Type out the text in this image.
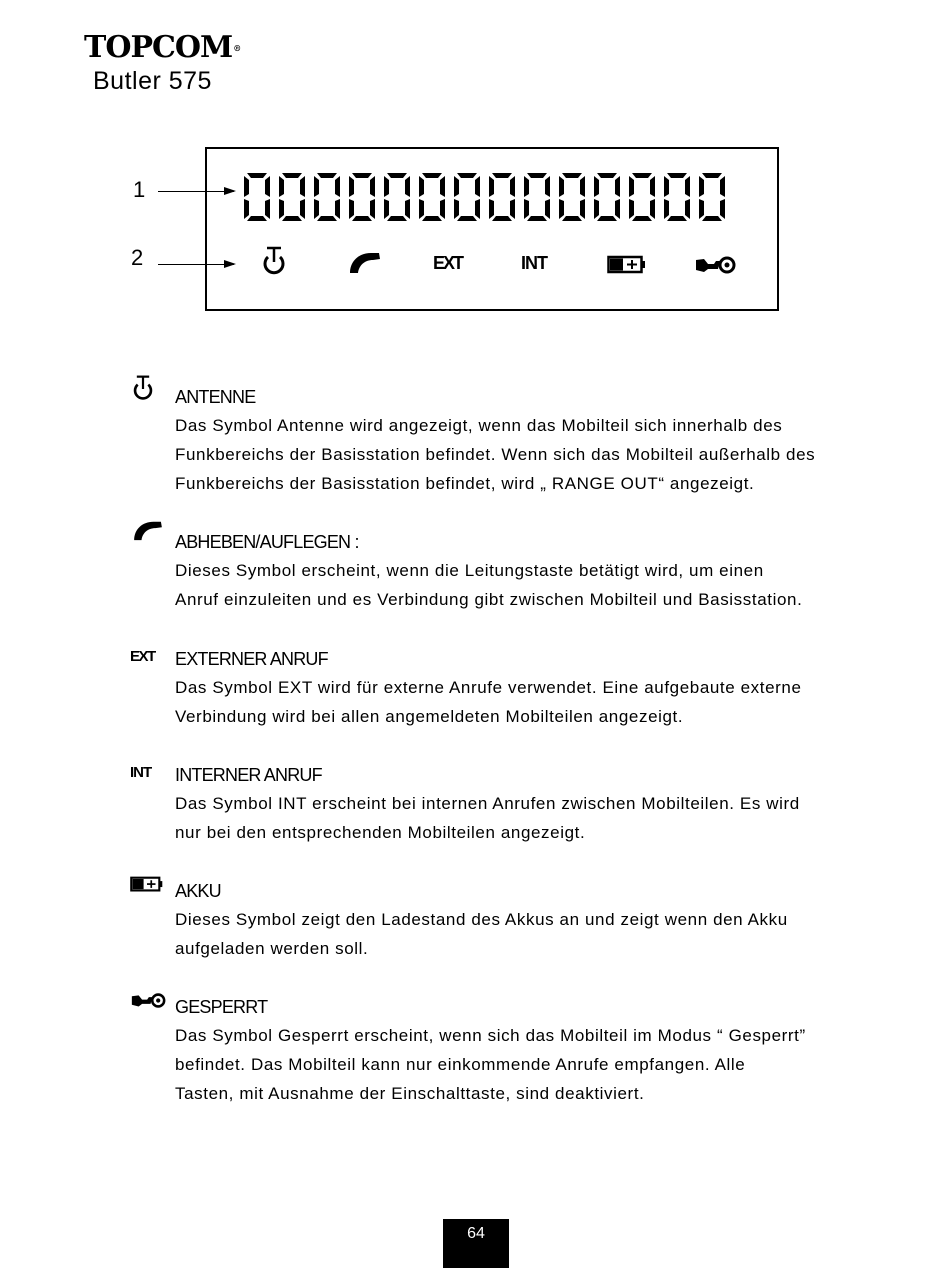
TOPCOM®
Butler 575
1
2	EXT	INT
ANTENNE
Das Symbol Antenne wird angezeigt, wenn das Mobilteil sich innerhalb des
Funkbereichs der Basisstation befindet. Wenn sich das Mobilteil außerhalb des
Funkbereichs der Basisstation befindet, wird „ RANGE OUT“ angezeigt.
ABHEBEN/AUFLEGEN :
Dieses Symbol erscheint, wenn die Leitungstaste betätigt wird, um einen
Anruf einzuleiten und es Verbindung gibt zwischen Mobilteil und Basisstation.
EXT EXTERNER ANRUF
Das Symbol EXT wird für externe Anrufe verwendet. Eine aufgebaute externe
Verbindung wird bei allen angemeldeten Mobilteilen angezeigt.
INT INTERNER ANRUF
Das Symbol INT erscheint bei internen Anrufen zwischen Mobilteilen. Es wird
nur bei den entsprechenden Mobilteilen angezeigt.
AKKU
Dieses Symbol zeigt den Ladestand des Akkus an und zeigt wenn den Akku
aufgeladen werden soll.
GESPERRT
Das Symbol Gesperrt erscheint, wenn sich das Mobilteil im Modus “ Gesperrt”
befindet. Das Mobilteil kann nur einkommende Anrufe empfangen. Alle
Tasten, mit Ausnahme der Einschalttaste, sind deaktiviert.
64
